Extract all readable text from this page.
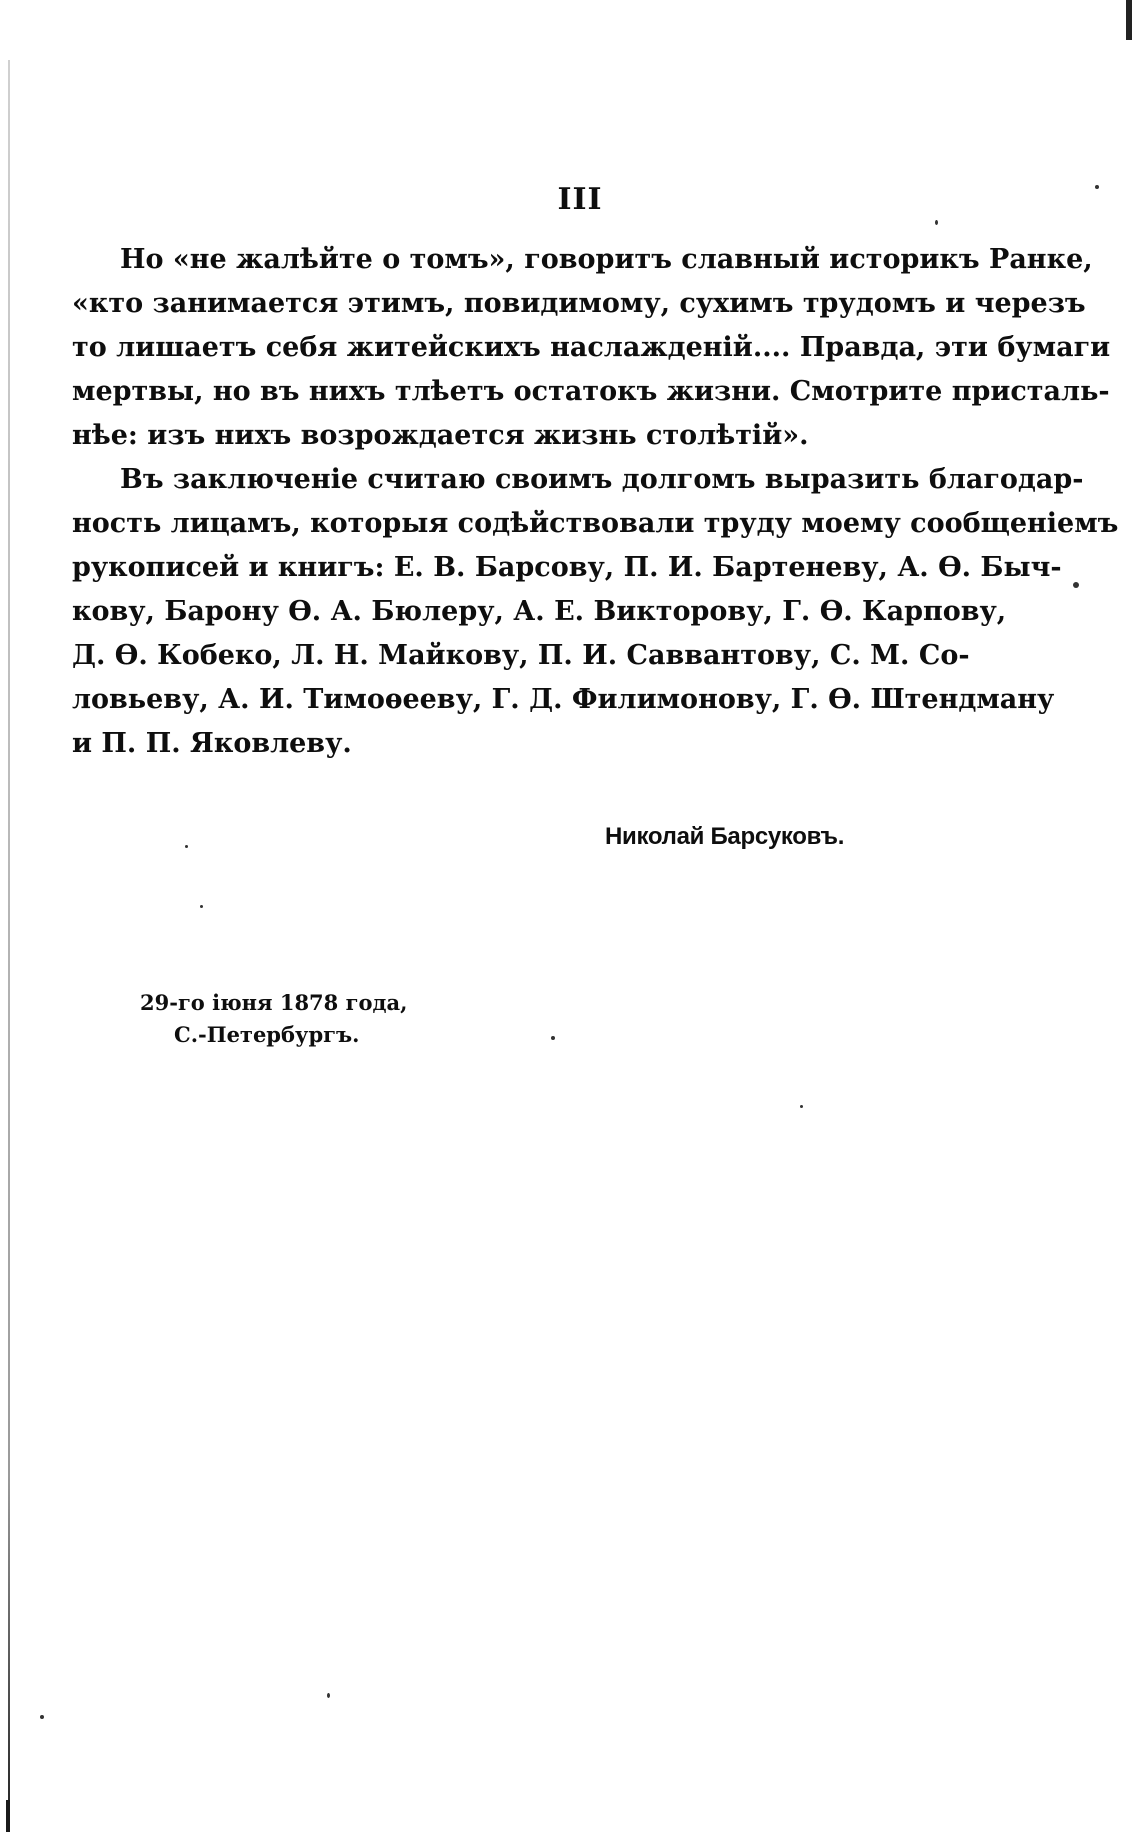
III
Но «не жалѣйте о томъ», говоритъ славный историкъ Ранке,
«кто занимается этимъ, повидимому, сухимъ трудомъ и черезъ
то лишаетъ себя житейскихъ наслажденій.... Правда, эти бумаги
мертвы, но въ нихъ тлѣетъ остатокъ жизни. Смотрите присталь-
нѣе: изъ нихъ возрождается жизнь столѣтій».
Въ заключеніе считаю своимъ долгомъ выразить благодар-
ность лицамъ, которыя содѣйствовали труду моему сообщеніемъ
рукописей и книгъ: Е. В. Барсову, П. И. Бартеневу, А. Ѳ. Быч-
кову, Барону Ѳ. А. Бюлеру, А. Е. Викторову, Г. Ѳ. Карпову,
Д. Ѳ. Кобеко, Л. Н. Майкову, П. И. Саввантову, С. М. Со-
ловьеву, А. И. Тимоѳееву, Г. Д. Филимонову, Г. Ѳ. Штендману
и П. П. Яковлеву.
Николай Барсуковъ.
29-го іюня 1878 года,
С.-Петербургъ.
